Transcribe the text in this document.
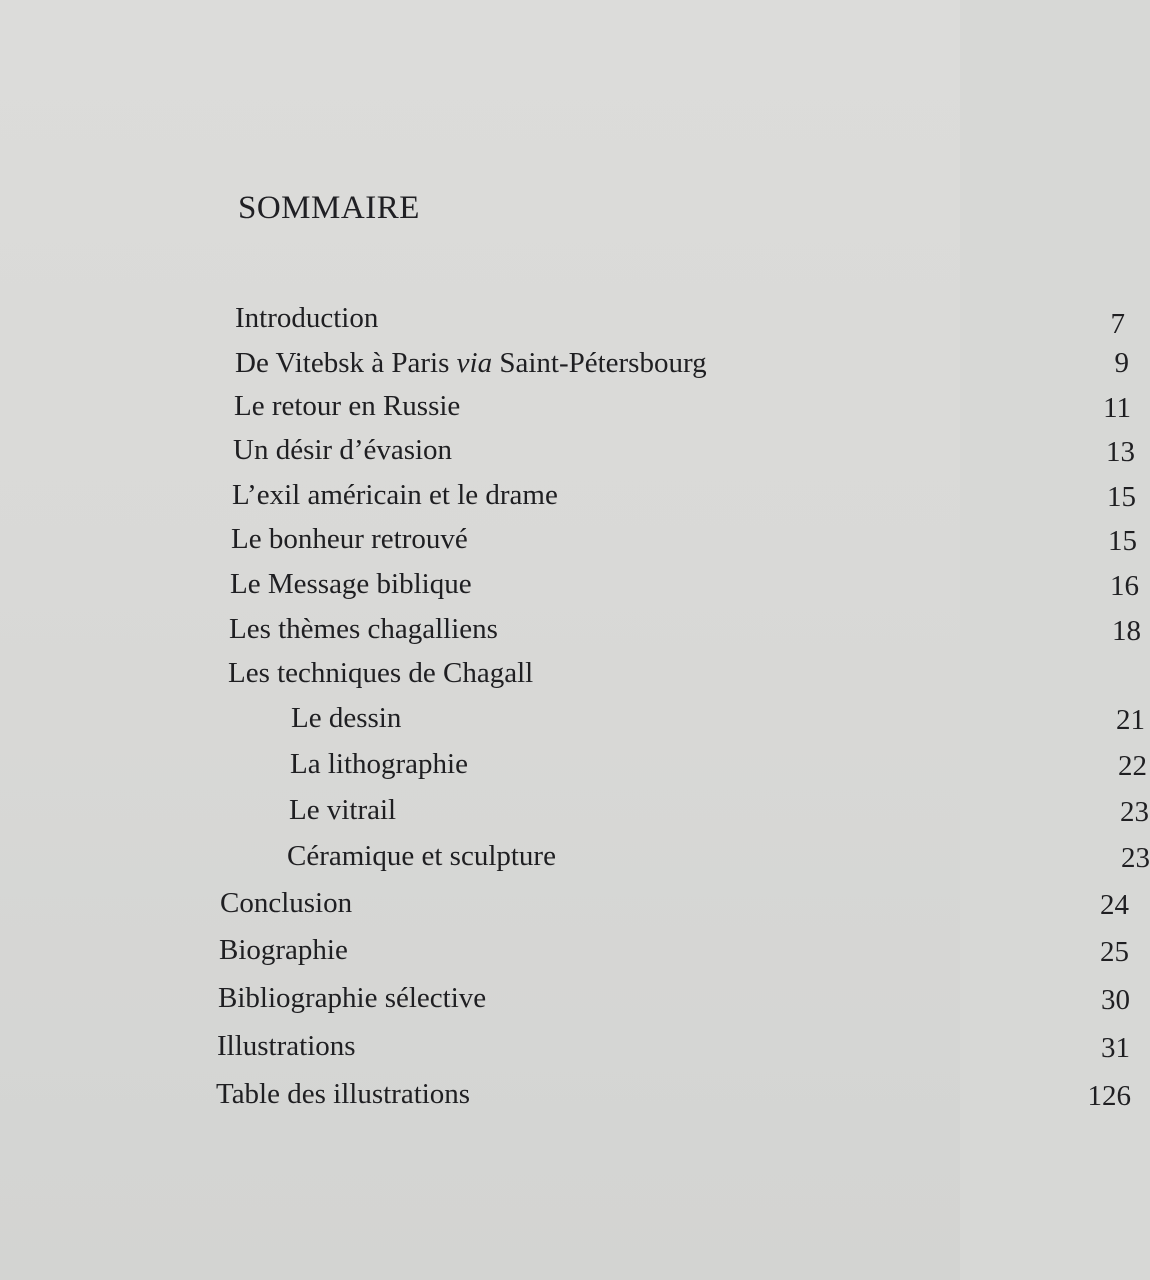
SOMMAIRE
Introduction	7
De Vitebsk à Paris via Saint-Pétersbourg	9
Le retour en Russie	11
Un désir d’évasion	13
L’exil américain et le drame	15
Le bonheur retrouvé	15
Le Message biblique	16
Les thèmes chagalliens	18
Les techniques de Chagall
Le dessin	21
La lithographie	22
Le vitrail	23
Céramique et sculpture	23
Conclusion	24
Biographie	25
Bibliographie sélective	30
Illustrations	31
Table des illustrations	126
